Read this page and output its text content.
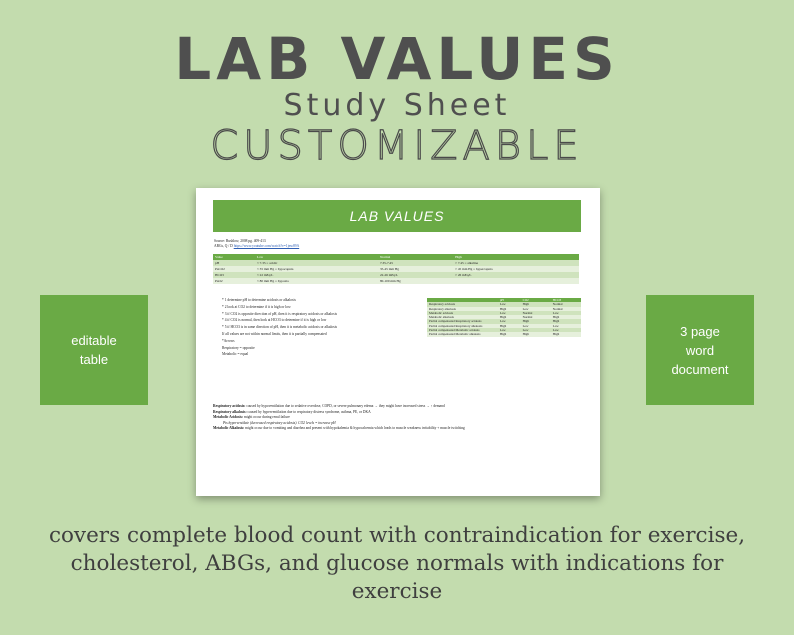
LAB VALUES
Study Sheet
CUSTOMIZABLE
editable
table
3 page
word
document
LAB VALUES
Source: Bushlow, 2008 pg. 409-413
ABGs, Q / D https://www.youtube.com/watch?v=1jnw89A
Value	Low	Normal	High
pH	< 7.35 = acidic	7.35-7.45	> 7.45 = alkaline
PaCO2	< 35 mm Hg = hypocapnia	35-45 mm Hg	> 45 mm Hg = hypercapnia
HCO3	< 22 mEq/L	22-26 mEq/L	> 26 mEq/L
PaO2	< 80 mm Hg = hypoxia	80-100 mm Hg	
* 1 determine pH to determine acidosis or alkalosis
* 2 look at CO2 to determine if it is high or low
* 3 if CO2 is opposite direction of pH, then it is respiratory acidosis or alkalosis
* 4 if CO2 is normal, then look at HCO3 to determine if it is high or low
* 5 if HCO3 is in same direction of pH, then it is metabolic acidosis or alkalosis
If all values are not within normal limits, then it is partially compensated
*Arrows
Respiratory = opposite
Metabolic = equal
	pH	CO2	HCO3
Respiratory acidosis	Low	High	Normal
Respiratory alkalosis	High	Low	Normal
Metabolic acidosis	Low	Normal	Low
Metabolic alkalosis	High	Normal	High
Partial compensated Respiratory acidosis	Low	High	High
Partial compensated Respiratory alkalosis	High	Low	Low
Partial compensated Metabolic acidosis	Low	Low	Low
Partial compensated Metabolic alkalosis	High	High	High
Respiratory acidosis: caused by hypoventilation due to sedative overdose, COPD, or severe pulmonary edema → they might have increased stress → ↑ demand
Respiratory alkalosis: caused by hyperventilation due to respiratory distress syndrome, asthma, PE, or DKA
Metabolic Acidosis: might occur during renal failure
Pts hyperventilate (decreased respiratory acidosis). CO2 levels = increase pH
Metabolic Alkalosis: might occur due to vomiting and diarrhea and present with hypokalemia & hypocalcemia which leads to muscle weakness irritability + muscle twitching
covers complete blood count with contraindication for exercise, cholesterol, ABGs, and glucose normals with indications for exercise
